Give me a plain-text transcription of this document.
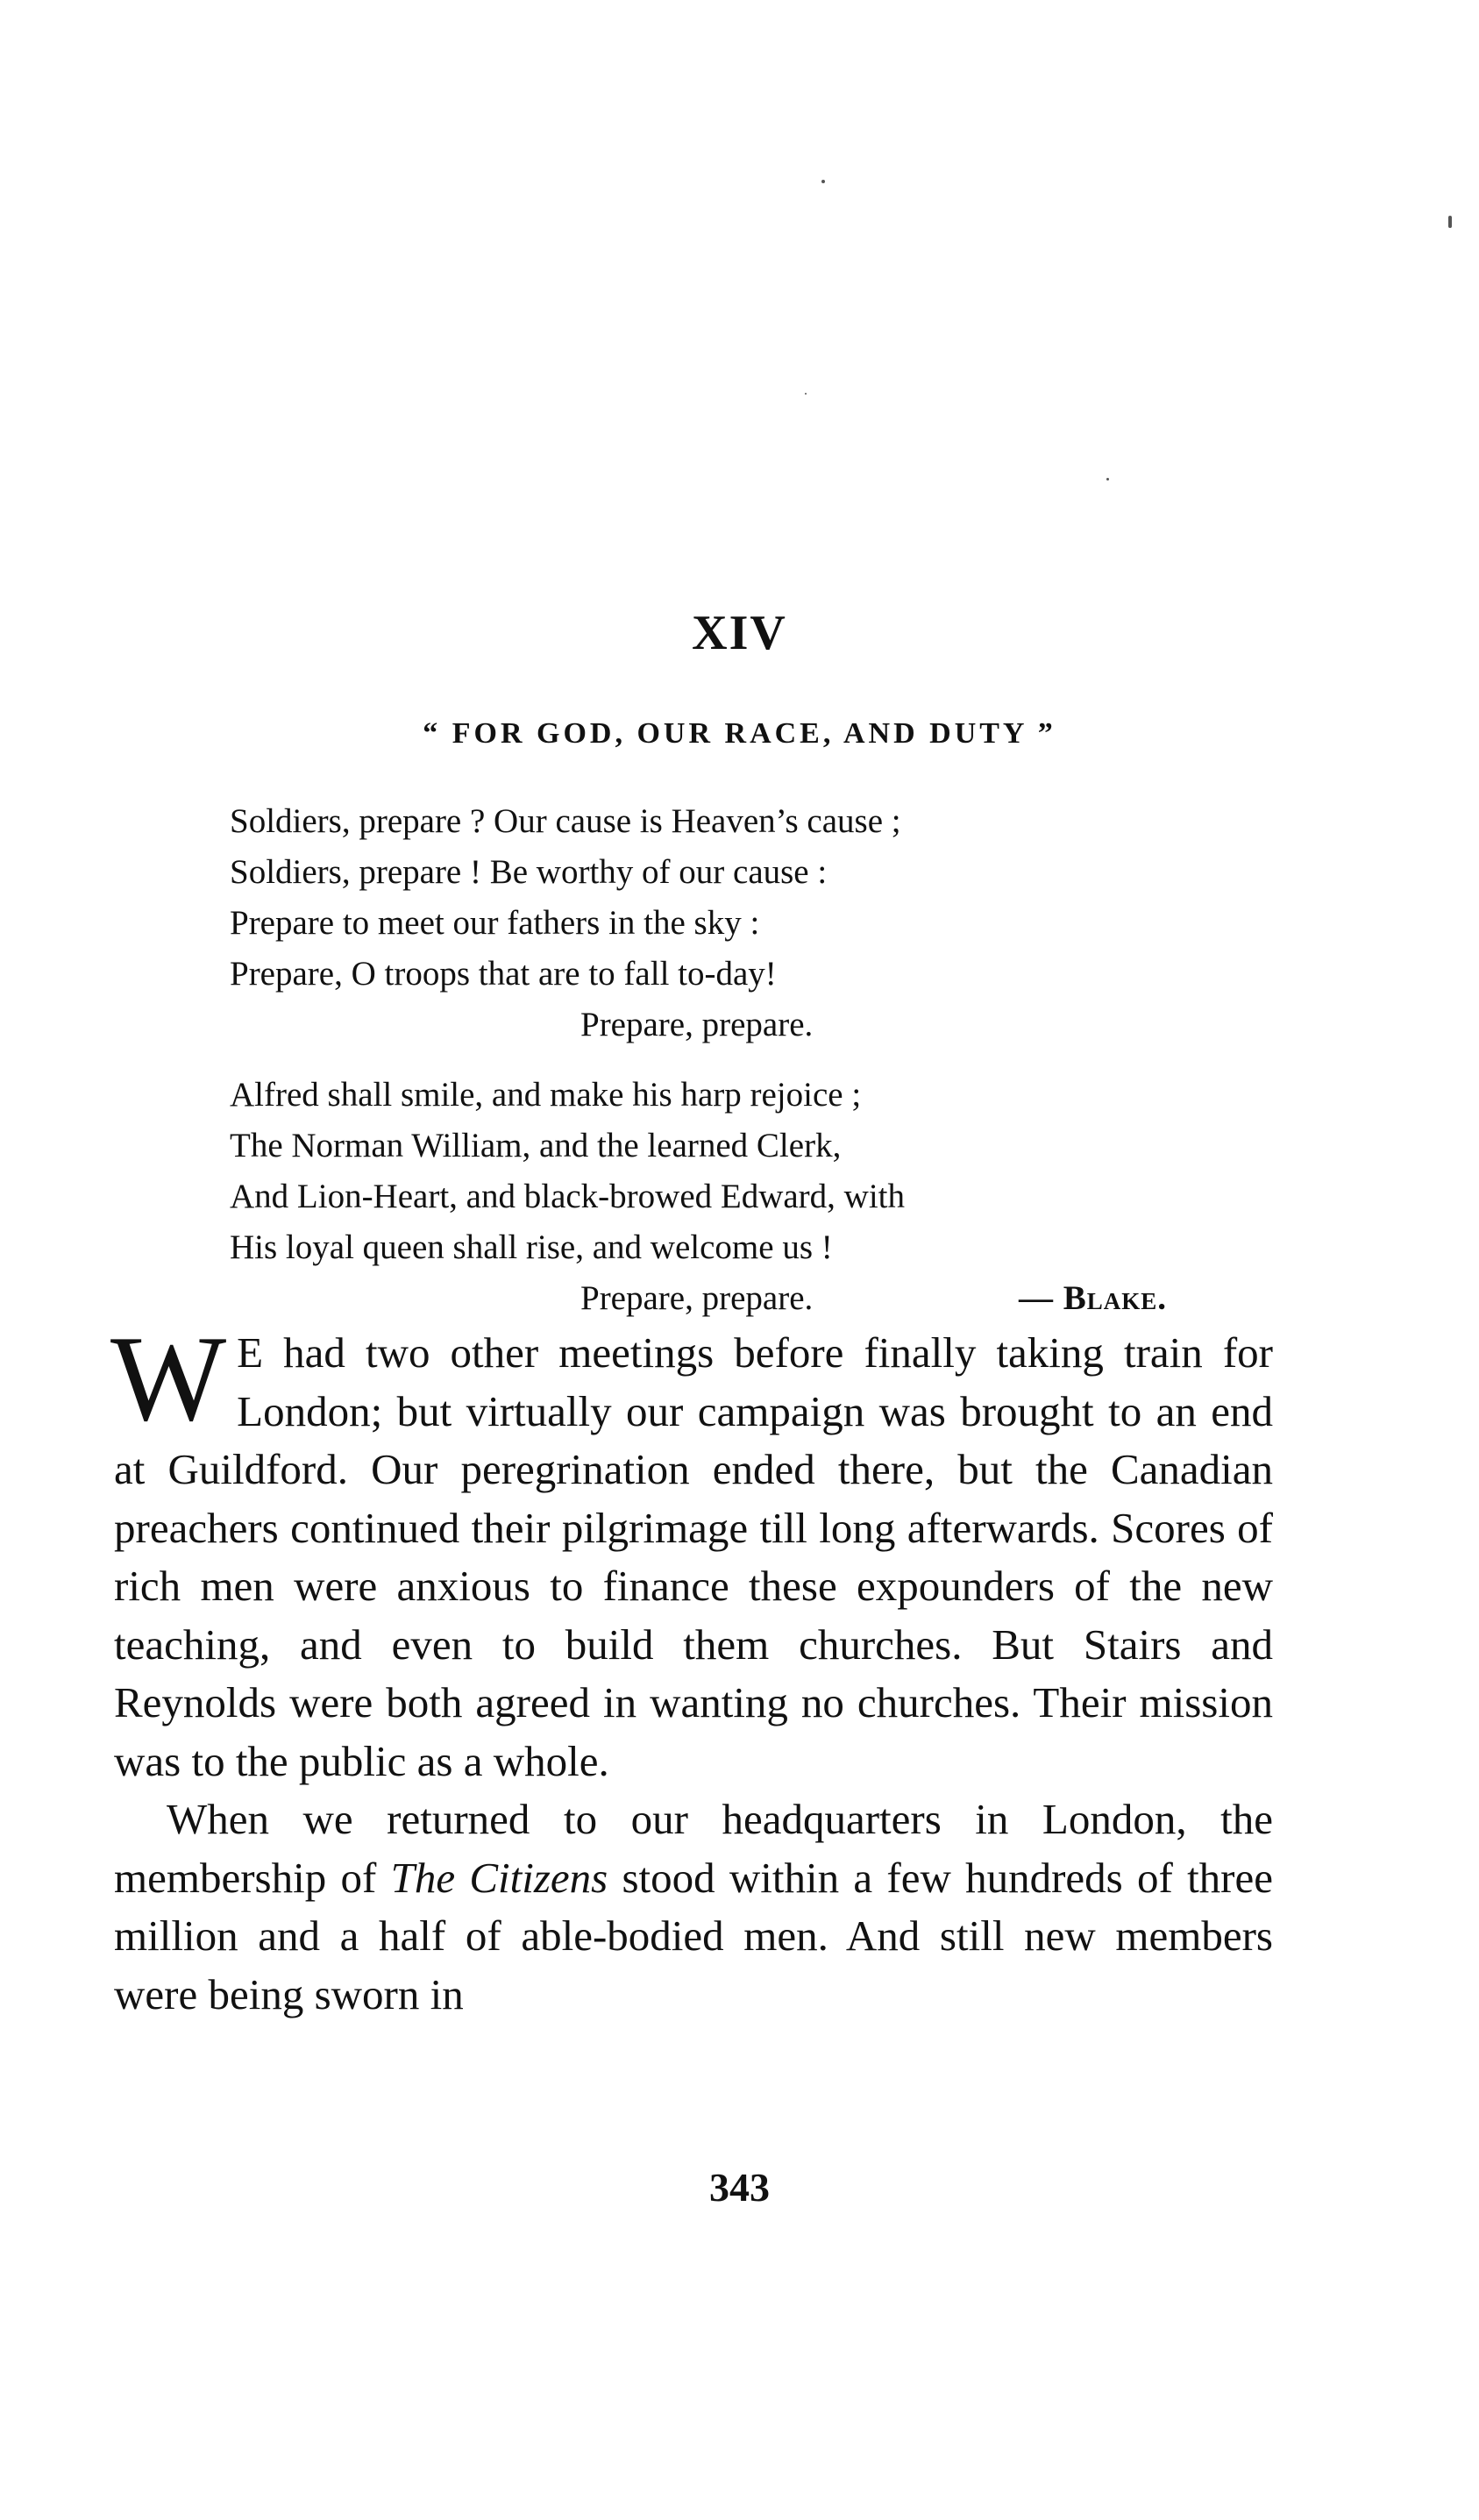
XIV
“ FOR GOD, OUR RACE, AND DUTY ”
Soldiers, prepare ? Our cause is Heaven’s cause ;
Soldiers, prepare ! Be worthy of our cause :
Prepare to meet our fathers in the sky :
Prepare, O troops that are to fall to-day!
Prepare, prepare.
Alfred shall smile, and make his harp rejoice ;
The Norman William, and the learned Clerk,
And Lion-Heart, and black-browed Edward, with
His loyal queen shall rise, and welcome us !
Prepare, prepare.	— Blake.

W E had two other meetings before finally taking train for London; but virtually our campaign was brought to an end at Guildford. Our peregrination ended there, but the Canadian preachers continued their pilgrimage till long afterwards. Scores of rich men were anxious to finance these expounders of the new teaching, and even to build them churches. But Stairs and Reynolds were both agreed in wanting no churches. Their mission was to the public as a whole.

When we returned to our headquarters in London, the membership of The Citizens stood within a few hundreds of three million and a half of able-bodied men. And still new members were being sworn in

343
